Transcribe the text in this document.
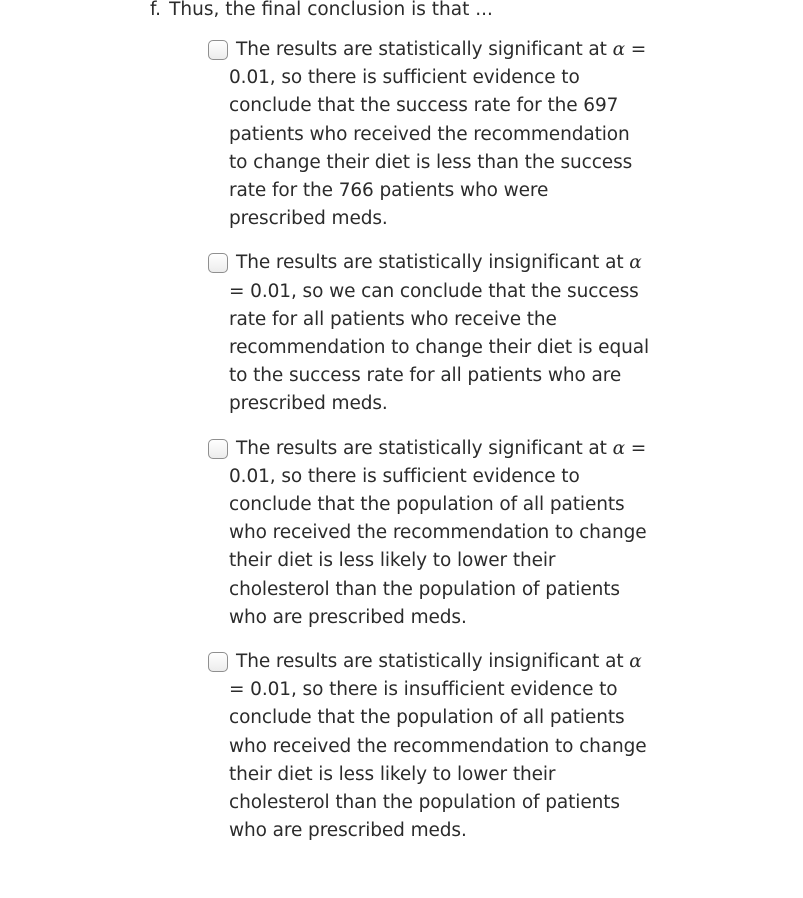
f. Thus, the final conclusion is that ...
The results are statistically significant at α = 0.01, so there is sufficient evidence to conclude that the success rate for the 697 patients who received the recommendation to change their diet is less than the success rate for the 766 patients who were prescribed meds.
The results are statistically insignificant at α = 0.01, so we can conclude that the success rate for all patients who receive the recommendation to change their diet is equal to the success rate for all patients who are prescribed meds.
The results are statistically significant at α = 0.01, so there is sufficient evidence to conclude that the population of all patients who received the recommendation to change their diet is less likely to lower their cholesterol than the population of patients who are prescribed meds.
The results are statistically insignificant at α = 0.01, so there is insufficient evidence to conclude that the population of all patients who received the recommendation to change their diet is less likely to lower their cholesterol than the population of patients who are prescribed meds.
